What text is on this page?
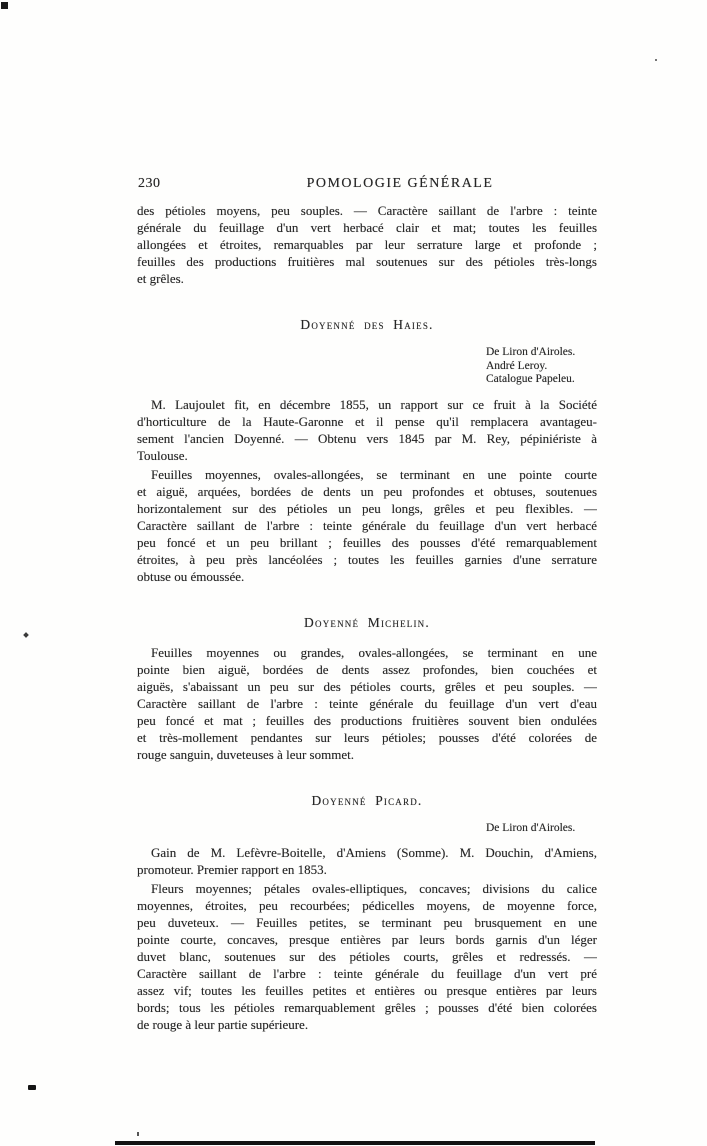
230	POMOLOGIE GÉNÉRALE
des pétioles moyens, peu souples. — Caractère saillant de l'arbre : teinte
générale du feuillage d'un vert herbacé clair et mat; toutes les feuilles
allongées et étroites, remarquables par leur serrature large et profonde ;
feuilles des productions fruitières mal soutenues sur des pétioles très-longs
et grêles.
Doyenné des Haies.
De Liron d'Airoles.
André Leroy.
Catalogue Papeleu.
M. Laujoulet fit, en décembre 1855, un rapport sur ce fruit à la Société
d'horticulture de la Haute-Garonne et il pense qu'il remplacera avantageu-
sement l'ancien Doyenné. — Obtenu vers 1845 par M. Rey, pépiniériste à
Toulouse.
Feuilles moyennes, ovales-allongées, se terminant en une pointe courte
et aiguë, arquées, bordées de dents un peu profondes et obtuses, soutenues
horizontalement sur des pétioles un peu longs, grêles et peu flexibles. —
Caractère saillant de l'arbre : teinte générale du feuillage d'un vert herbacé
peu foncé et un peu brillant ; feuilles des pousses d'été remarquablement
étroites, à peu près lancéolées ; toutes les feuilles garnies d'une serrature
obtuse ou émoussée.
Doyenné Michelin.
Feuilles moyennes ou grandes, ovales-allongées, se terminant en une
pointe bien aiguë, bordées de dents assez profondes, bien couchées et
aiguës, s'abaissant un peu sur des pétioles courts, grêles et peu souples. —
Caractère saillant de l'arbre : teinte générale du feuillage d'un vert d'eau
peu foncé et mat ; feuilles des productions fruitières souvent bien ondulées
et très-mollement pendantes sur leurs pétioles; pousses d'été colorées de
rouge sanguin, duveteuses à leur sommet.
Doyenné Picard.
De Liron d'Airoles.
Gain de M. Lefèvre-Boitelle, d'Amiens (Somme). M. Douchin, d'Amiens,
promoteur. Premier rapport en 1853.
Fleurs moyennes; pétales ovales-elliptiques, concaves; divisions du calice
moyennes, étroites, peu recourbées; pédicelles moyens, de moyenne force,
peu duveteux. — Feuilles petites, se terminant peu brusquement en une
pointe courte, concaves, presque entières par leurs bords garnis d'un léger
duvet blanc, soutenues sur des pétioles courts, grêles et redressés. —
Caractère saillant de l'arbre : teinte générale du feuillage d'un vert pré
assez vif; toutes les feuilles petites et entières ou presque entières par leurs
bords; tous les pétioles remarquablement grêles ; pousses d'été bien colorées
de rouge à leur partie supérieure.
